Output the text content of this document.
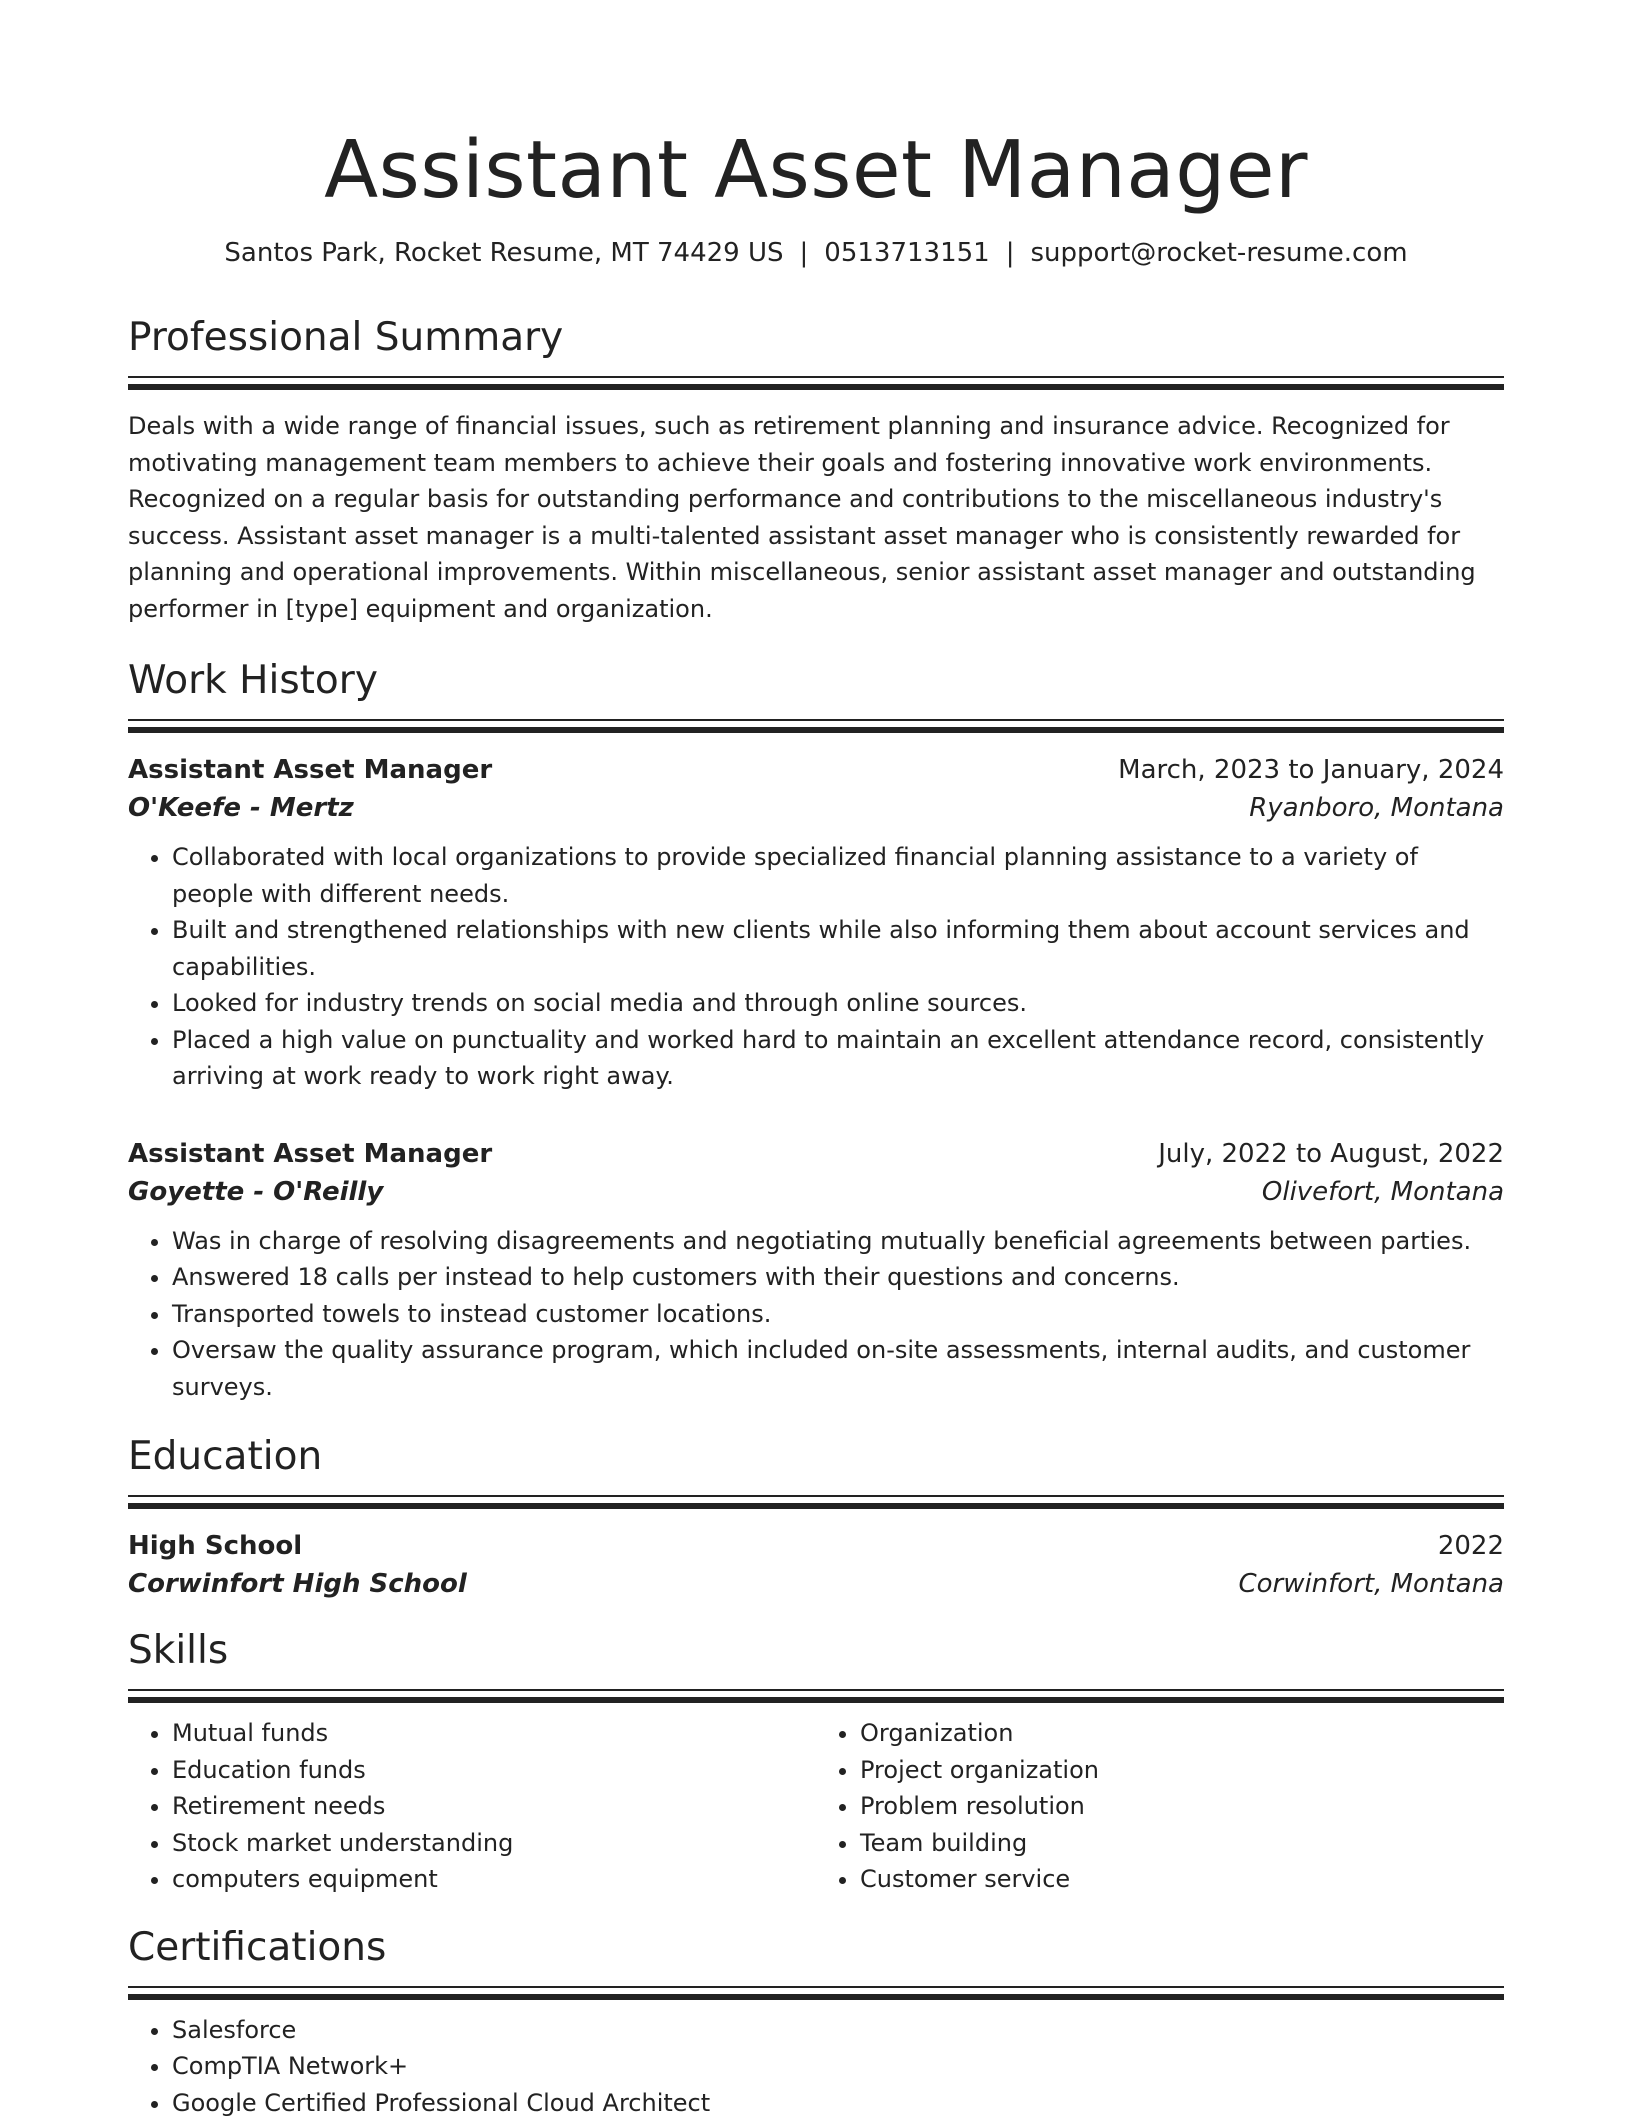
Assistant Asset Manager
Santos Park, Rocket Resume, MT 74429 US | 0513713151 | support@rocket-resume.com
Professional Summary

Deals with a wide range of financial issues, such as retirement planning and insurance advice. Recognized for motivating management team members to achieve their goals and fostering innovative work environments. Recognized on a regular basis for outstanding performance and contributions to the miscellaneous industry's success. Assistant asset manager is a multi-talented assistant asset manager who is consistently rewarded for planning and operational improvements. Within miscellaneous, senior assistant asset manager and outstanding performer in [type] equipment and organization.

Work History
Assistant Asset Manager	March, 2023 to January, 2024
O'Keefe - Mertz	Ryanboro, Montana
• Collaborated with local organizations to provide specialized financial planning assistance to a variety of people with different needs.
• Built and strengthened relationships with new clients while also informing them about account services and capabilities.
• Looked for industry trends on social media and through online sources.
• Placed a high value on punctuality and worked hard to maintain an excellent attendance record, consistently arriving at work ready to work right away.
Assistant Asset Manager	July, 2022 to August, 2022
Goyette - O'Reilly	Olivefort, Montana
• Was in charge of resolving disagreements and negotiating mutually beneficial agreements between parties.
• Answered 18 calls per instead to help customers with their questions and concerns.
• Transported towels to instead customer locations.
• Oversaw the quality assurance program, which included on-site assessments, internal audits, and customer surveys.
Education
High School	2022
Corwinfort High School	Corwinfort, Montana
Skills
• Mutual funds
• Education funds
• Retirement needs
• Stock market understanding
• computers equipment
• Organization
• Project organization
• Problem resolution
• Team building
• Customer service
Certifications
• Salesforce
• CompTIA Network+
• Google Certified Professional Cloud Architect
